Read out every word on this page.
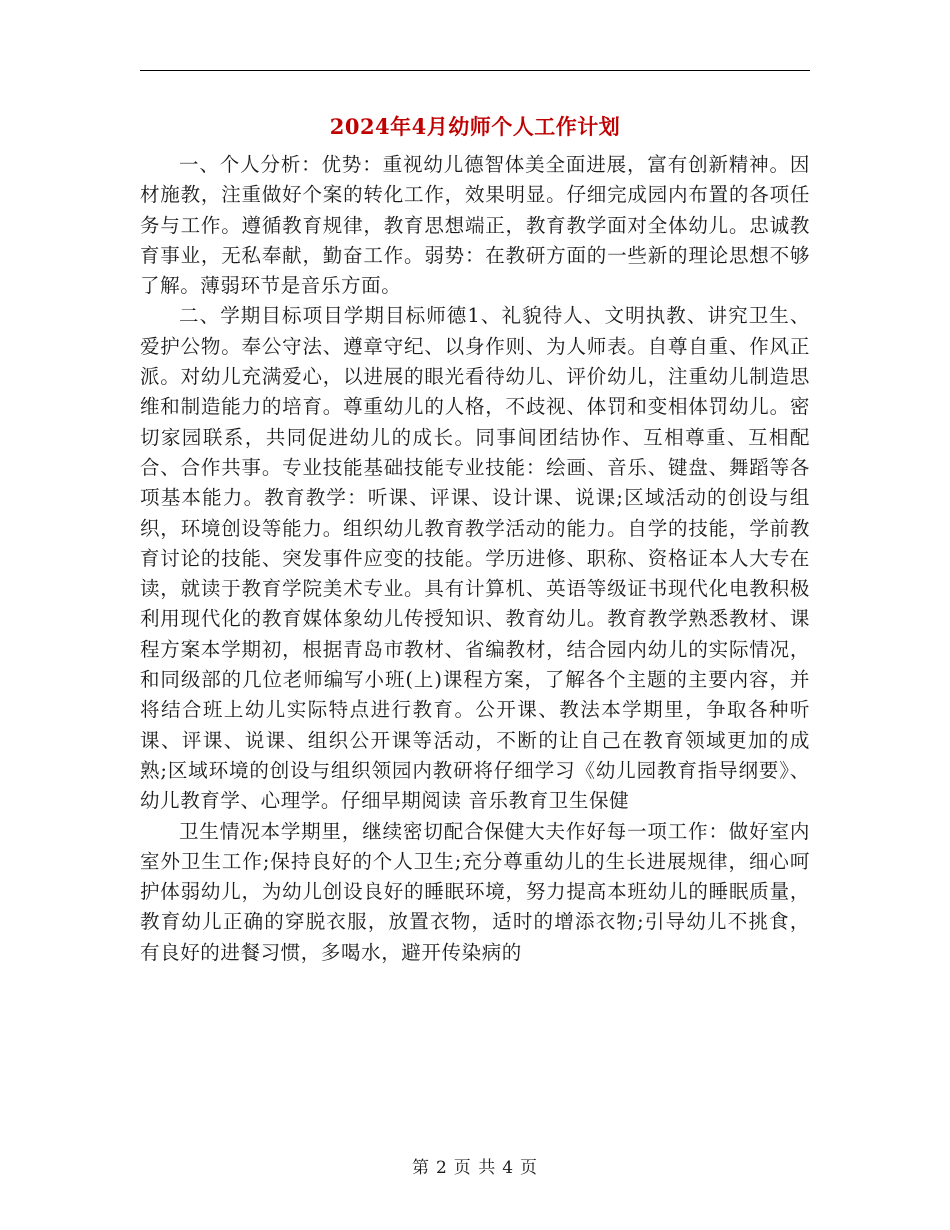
2024年4月幼师个人工作计划

一、个人分析：优势：重视幼儿德智体美全面进展，富有创新精神。因材施教，注重做好个案的转化工作，效果明显。仔细完成园内布置的各项任务与工作。遵循教育规律，教育思想端正，教育教学面对全体幼儿。忠诚教育事业，无私奉献，勤奋工作。弱势：在教研方面的一些新的理论思想不够了解。薄弱环节是音乐方面。

二、学期目标项目学期目标师德1、礼貌待人、文明执教、讲究卫生、爱护公物。奉公守法、遵章守纪、以身作则、为人师表。自尊自重、作风正派。对幼儿充满爱心，以进展的眼光看待幼儿、评价幼儿，注重幼儿制造思维和制造能力的培育。尊重幼儿的人格，不歧视、体罚和变相体罚幼儿。密切家园联系，共同促进幼儿的成长。同事间团结协作、互相尊重、互相配合、合作共事。专业技能基础技能专业技能：绘画、音乐、键盘、舞蹈等各项基本能力。教育教学：听课、评课、设计课、说课;区域活动的创设与组织，环境创设等能力。组织幼儿教育教学活动的能力。自学的技能，学前教育讨论的技能、突发事件应变的技能。学历进修、职称、资格证本人大专在读，就读于教育学院美术专业。具有计算机、英语等级证书现代化电教积极利用现代化的教育媒体象幼儿传授知识、教育幼儿。教育教学熟悉教材、课程方案本学期初，根据青岛市教材、省编教材，结合园内幼儿的实际情况，和同级部的几位老师编写小班(上)课程方案，了解各个主题的主要内容，并将结合班上幼儿实际特点进行教育。公开课、教法本学期里，争取各种听课、评课、说课、组织公开课等活动，不断的让自己在教育领域更加的成熟;区域环境的创设与组织领园内教研将仔细学习《幼儿园教育指导纲要》、幼儿教育学、心理学。仔细早期阅读 音乐教育卫生保健

卫生情况本学期里，继续密切配合保健大夫作好每一项工作：做好室内室外卫生工作;保持良好的个人卫生;充分尊重幼儿的生长进展规律，细心呵护体弱幼儿，为幼儿创设良好的睡眠环境，努力提高本班幼儿的睡眠质量，教育幼儿正确的穿脱衣服，放置衣物，适时的增添衣物;引导幼儿不挑食，有良好的进餐习惯，多喝水，避开传染病的

第 2 页 共 4 页
